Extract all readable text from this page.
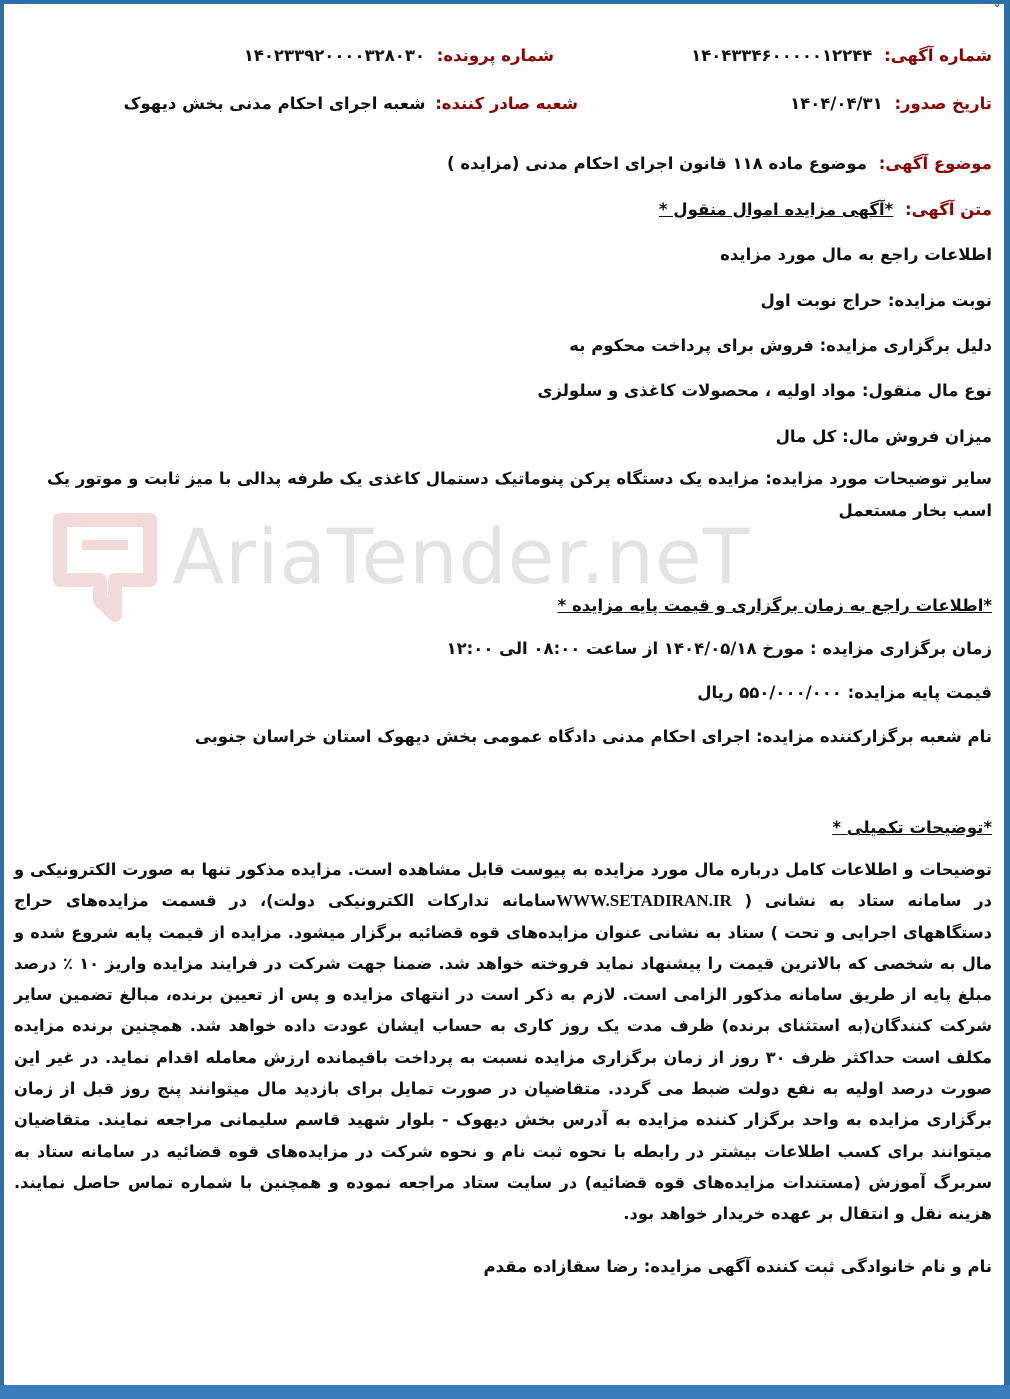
⌄
AriaTender.neT
شماره آگهی: ۱۴۰۴۳۳۴۶۰۰۰۰۰۱۲۲۴۴
شماره پرونده: ۱۴۰۲۳۳۹۲۰۰۰۰۳۲۸۰۳۰
تاریخ صدور: ۱۴۰۴/۰۴/۳۱
شعبه صادر کننده: شعبه اجرای احکام مدنی بخش دیهوک
موضوع آگهی: موضوع ماده ۱۱۸ قانون اجرای احکام مدنی (مزایده )
متن آگهی: *آگهی مزایده اموال منقول *
اطلاعات راجع به مال مورد مزایده
نوبت مزایده: حراج نوبت اول
دلیل برگزاری مزایده: فروش برای پرداخت محکوم به
نوع مال منقول: مواد اولیه ، محصولات کاغذی و سلولزی
میزان فروش مال: کل مال
سایر توضیحات مورد مزایده: مزایده یک دستگاه پرکن پنوماتیک دستمال کاغذی یک طرفه پدالی با میز ثابت و موتور یک اسب بخار مستعمل
*اطلاعات راجع به زمان برگزاری و قیمت پایه مزایده *
زمان برگزاری مزایده : مورخ ۱۴۰۴/۰۵/۱۸ از ساعت ۰۸:۰۰ الی ۱۲:۰۰
قیمت پایه مزایده: ۵۵۰/۰۰۰/۰۰۰ ریال
نام شعبه برگزارکننده مزایده: اجرای احکام مدنی دادگاه عمومی بخش دیهوک استان خراسان جنوبی
*توضیحات تکمیلی *
توضیحات و اطلاعات کامل درباره مال مورد مزایده به پیوست قابل مشاهده است. مزایده مذکور تنها به صورت الکترونیکی و در سامانه ستاد به نشانی ( WWW.SETADIRAN.IRسامانه تدارکات الکترونیکی دولت)، در قسمت مزایده‌های حراج دستگاههای اجرایی و تحت ) ستاد به نشانی عنوان مزایده‌های قوه قضائیه برگزار میشود. مزایده از قیمت پایه شروع شده و مال به شخصی که بالاترین قیمت را پیشنهاد نماید فروخته خواهد شد. ضمنا جهت شرکت در فرایند مزایده واریز ۱۰ ٪ درصد مبلغ پایه از طریق سامانه مذکور الزامی است. لازم به ذکر است در انتهای مزایده و پس از تعیین برنده، مبالغ تضمین سایر شرکت کنندگان(به استثنای برنده) ظرف مدت یک روز کاری به حساب ایشان عودت داده خواهد شد. همچنین برنده مزایده مکلف است حداکثر ظرف ۳۰ روز از زمان برگزاری مزایده نسبت به پرداخت باقیمانده ارزش معامله اقدام نماید. در غیر این صورت درصد اولیه به نفع دولت ضبط می گردد. متقاضیان در صورت تمایل برای بازدید مال میتوانند پنج روز قبل از زمان برگزاری مزایده به واحد برگزار کننده مزایده به آدرس بخش دیهوک - بلوار شهید قاسم سلیمانی مراجعه نمایند. متقاضیان میتوانند برای کسب اطلاعات بیشتر در رابطه با نحوه ثبت نام و نحوه شرکت در مزایده‌های قوه قضائیه در سامانه ستاد به سربرگ آموزش (مستندات مزایده‌های قوه قضائیه) در سایت ستاد مراجعه نموده و همچنین با شماره تماس حاصل نمایند. هزینه نقل و انتقال بر عهده خریدار خواهد بود.
نام و نام خانوادگی ثبت کننده آگهی مزایده: رضا سقازاده مقدم
